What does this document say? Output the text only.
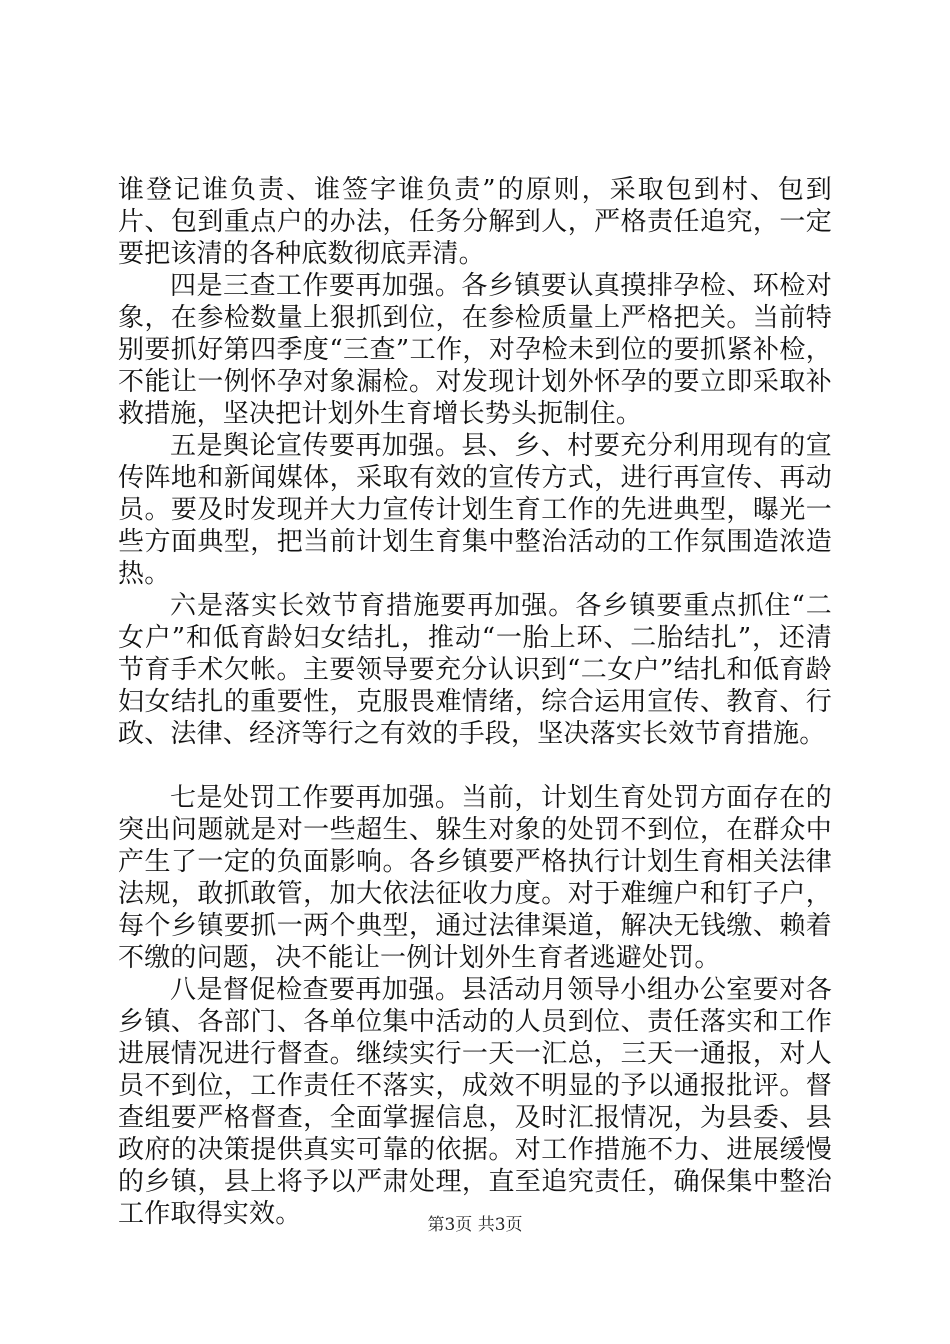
谁登记谁负责、谁签字谁负责”的原则，采取包到村、包到片、包到重点户的办法，任务分解到人，严格责任追究，一定要把该清的各种底数彻底弄清。

四是三查工作要再加强。各乡镇要认真摸排孕检、环检对象，在参检数量上狠抓到位，在参检质量上严格把关。当前特别要抓好第四季度“三查”工作，对孕检未到位的要抓紧补检，不能让一例怀孕对象漏检。对发现计划外怀孕的要立即采取补救措施，坚决把计划外生育增长势头扼制住。

五是舆论宣传要再加强。县、乡、村要充分利用现有的宣传阵地和新闻媒体，采取有效的宣传方式，进行再宣传、再动员。要及时发现并大力宣传计划生育工作的先进典型，曝光一些方面典型，把当前计划生育集中整治活动的工作氛围造浓造热。

六是落实长效节育措施要再加强。各乡镇要重点抓住“二女户”和低育龄妇女结扎，推动“一胎上环、二胎结扎”，还清节育手术欠帐。主要领导要充分认识到“二女户”结扎和低育龄妇女结扎的重要性，克服畏难情绪，综合运用宣传、教育、行政、法律、经济等行之有效的手段，坚决落实长效节育措施。

七是处罚工作要再加强。当前，计划生育处罚方面存在的突出问题就是对一些超生、躲生对象的处罚不到位，在群众中产生了一定的负面影响。各乡镇要严格执行计划生育相关法律法规，敢抓敢管，加大依法征收力度。对于难缠户和钉子户，每个乡镇要抓一两个典型，通过法律渠道，解决无钱缴、赖着不缴的问题，决不能让一例计划外生育者逃避处罚。

八是督促检查要再加强。县活动月领导小组办公室要对各乡镇、各部门、各单位集中活动的人员到位、责任落实和工作进展情况进行督查。继续实行一天一汇总，三天一通报，对人员不到位，工作责任不落实，成效不明显的予以通报批评。督查组要严格督查，全面掌握信息，及时汇报情况，为县委、县政府的决策提供真实可靠的依据。对工作措施不力、进展缓慢的乡镇，县上将予以严肃处理，直至追究责任，确保集中整治工作取得实效。	第3页 共3页
